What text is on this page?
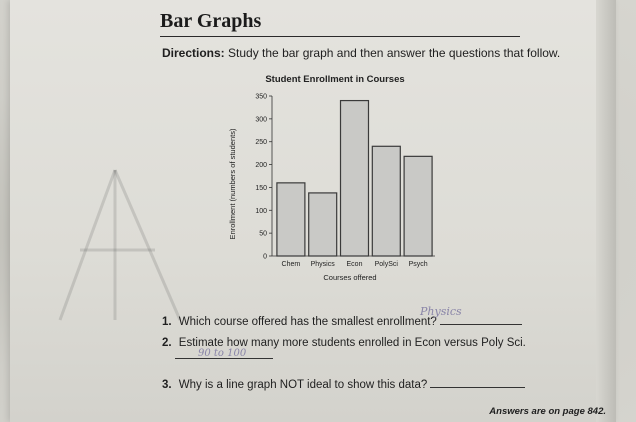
Bar Graphs
Directions: Study the bar graph and then answer the questions that follow.
Student Enrollment in Courses
Enrollment (numbers of students)
Courses offered
0
50
100
150
200
250
300
350
Chem Physics Econ PolySci Psych
1. Which course offered has the smallest enrollment?
Physics
2. Estimate how many more students enrolled in Econ versus Poly Sci.
90 to 100
3. Why is a line graph NOT ideal to show this data?
Answers are on page 842.
